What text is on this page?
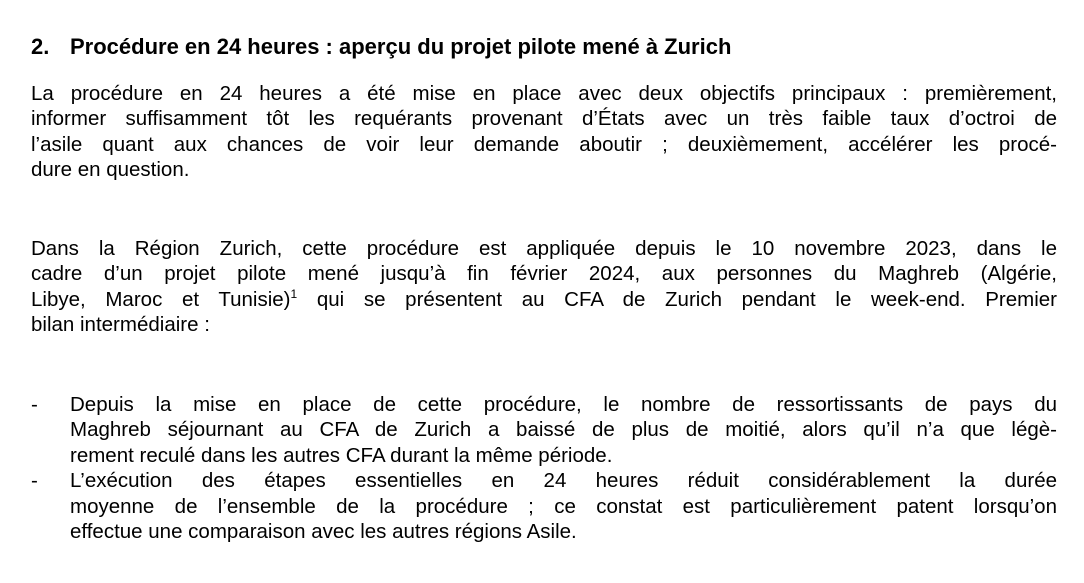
2. Procédure en 24 heures : aperçu du projet pilote mené à Zurich

La procédure en 24 heures a été mise en place avec deux objectifs principaux : premièrement,
informer suffisamment tôt les requérants provenant d’États avec un très faible taux d’octroi de
l’asile quant aux chances de voir leur demande aboutir ; deuxièmement, accélérer les procé-
dure en question.

Dans la Région Zurich, cette procédure est appliquée depuis le 10 novembre 2023, dans le
cadre d’un projet pilote mené jusqu’à fin février 2024, aux personnes du Maghreb (Algérie,
Libye, Maroc et Tunisie)$^1$ qui se présentent au CFA de Zurich pendant le week-end. Premier
bilan intermédiaire :

- Depuis la mise en place de cette procédure, le nombre de ressortissants de pays du
Maghreb séjournant au CFA de Zurich a baissé de plus de moitié, alors qu’il n’a que légè-
rement reculé dans les autres CFA durant la même période.
- L’exécution des étapes essentielles en 24 heures réduit considérablement la durée
moyenne de l’ensemble de la procédure ; ce constat est particulièrement patent lorsqu’on
effectue une comparaison avec les autres régions Asile.
